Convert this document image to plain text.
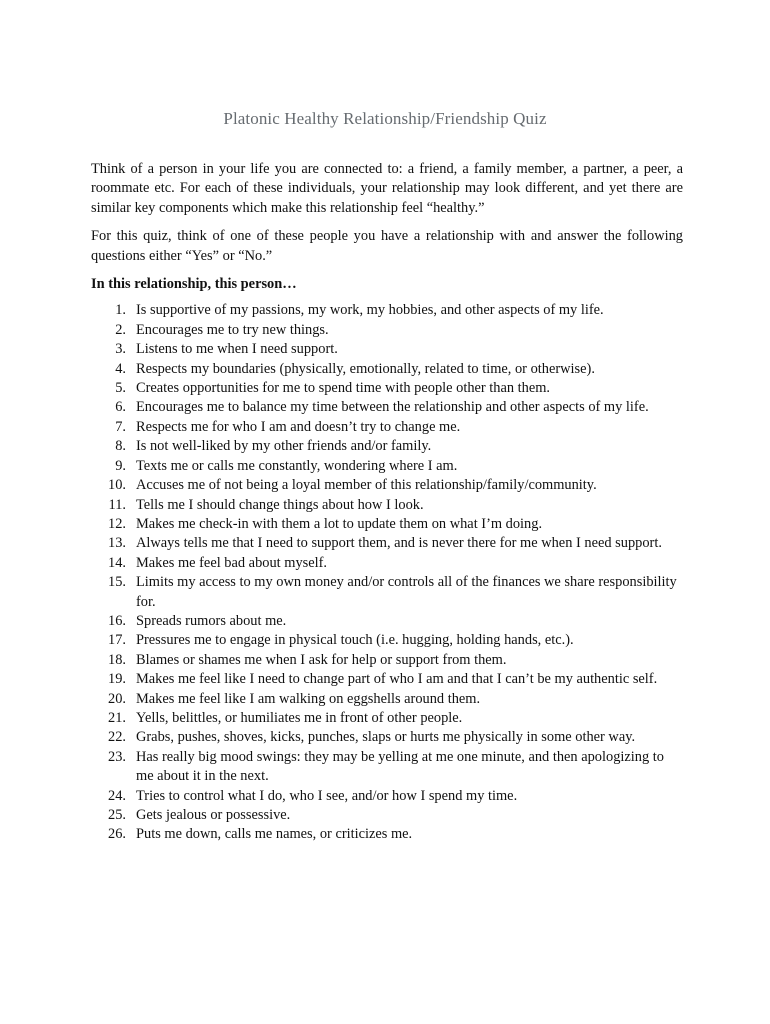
Platonic Healthy Relationship/Friendship Quiz

Think of a person in your life you are connected to: a friend, a family member, a partner, a peer, a roommate etc. For each of these individuals, your relationship may look different, and yet there are similar key components which make this relationship feel “healthy.”

For this quiz, think of one of these people you have a relationship with and answer the following questions either “Yes” or “No.”

In this relationship, this person…

1. Is supportive of my passions, my work, my hobbies, and other aspects of my life.
2. Encourages me to try new things.
3. Listens to me when I need support.
4. Respects my boundaries (physically, emotionally, related to time, or otherwise).
5. Creates opportunities for me to spend time with people other than them.
6. Encourages me to balance my time between the relationship and other aspects of my life.
7. Respects me for who I am and doesn’t try to change me.
8. Is not well-liked by my other friends and/or family.
9. Texts me or calls me constantly, wondering where I am.
10. Accuses me of not being a loyal member of this relationship/family/community.
11. Tells me I should change things about how I look.
12. Makes me check-in with them a lot to update them on what I’m doing.
13. Always tells me that I need to support them, and is never there for me when I need support.
14. Makes me feel bad about myself.
15. Limits my access to my own money and/or controls all of the finances we share responsibility for.
16. Spreads rumors about me.
17. Pressures me to engage in physical touch (i.e. hugging, holding hands, etc.).
18. Blames or shames me when I ask for help or support from them.
19. Makes me feel like I need to change part of who I am and that I can’t be my authentic self.
20. Makes me feel like I am walking on eggshells around them.
21. Yells, belittles, or humiliates me in front of other people.
22. Grabs, pushes, shoves, kicks, punches, slaps or hurts me physically in some other way.
23. Has really big mood swings: they may be yelling at me one minute, and then apologizing to me about it in the next.
24. Tries to control what I do, who I see, and/or how I spend my time.
25. Gets jealous or possessive.
26. Puts me down, calls me names, or criticizes me.
